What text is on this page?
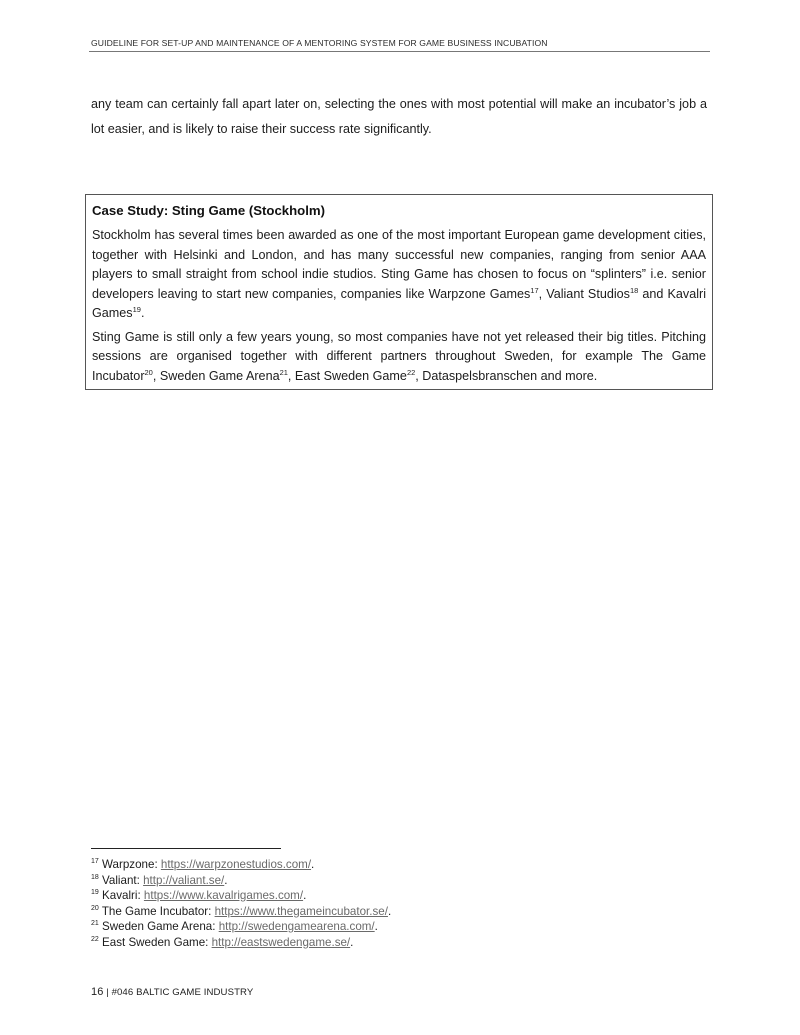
GUIDELINE FOR SET-UP AND MAINTENANCE OF A MENTORING SYSTEM FOR GAME BUSINESS INCUBATION

any team can certainly fall apart later on, selecting the ones with most potential will make an incubator’s job a lot easier, and is likely to raise their success rate significantly.

Case Study: Sting Game (Stockholm)

Stockholm has several times been awarded as one of the most important European game development cities, together with Helsinki and London, and has many successful new companies, ranging from senior AAA players to small straight from school indie studios. Sting Game has chosen to focus on “splinters” i.e. senior developers leaving to start new companies, companies like Warpzone Games$^{17}$, Valiant Studios$^{18}$ and Kavalri Games$^{19}$.

Sting Game is still only a few years young, so most companies have not yet released their big titles. Pitching sessions are organised together with different partners throughout Sweden, for example The Game Incubator$^{20}$, Sweden Game Arena$^{21}$, East Sweden Game$^{22}$, Dataspelsbranschen and more.

$^{17}$ Warpzone: https://warpzonestudios.com/.
$^{18}$ Valiant: http://valiant.se/.
$^{19}$ Kavalri: https://www.kavalrigames.com/.
$^{20}$ The Game Incubator: https://www.thegameincubator.se/.
$^{21}$ Sweden Game Arena: http://swedengamearena.com/.
$^{22}$ East Sweden Game: http://eastswedengame.se/.
16 | #046 BALTIC GAME INDUSTRY
